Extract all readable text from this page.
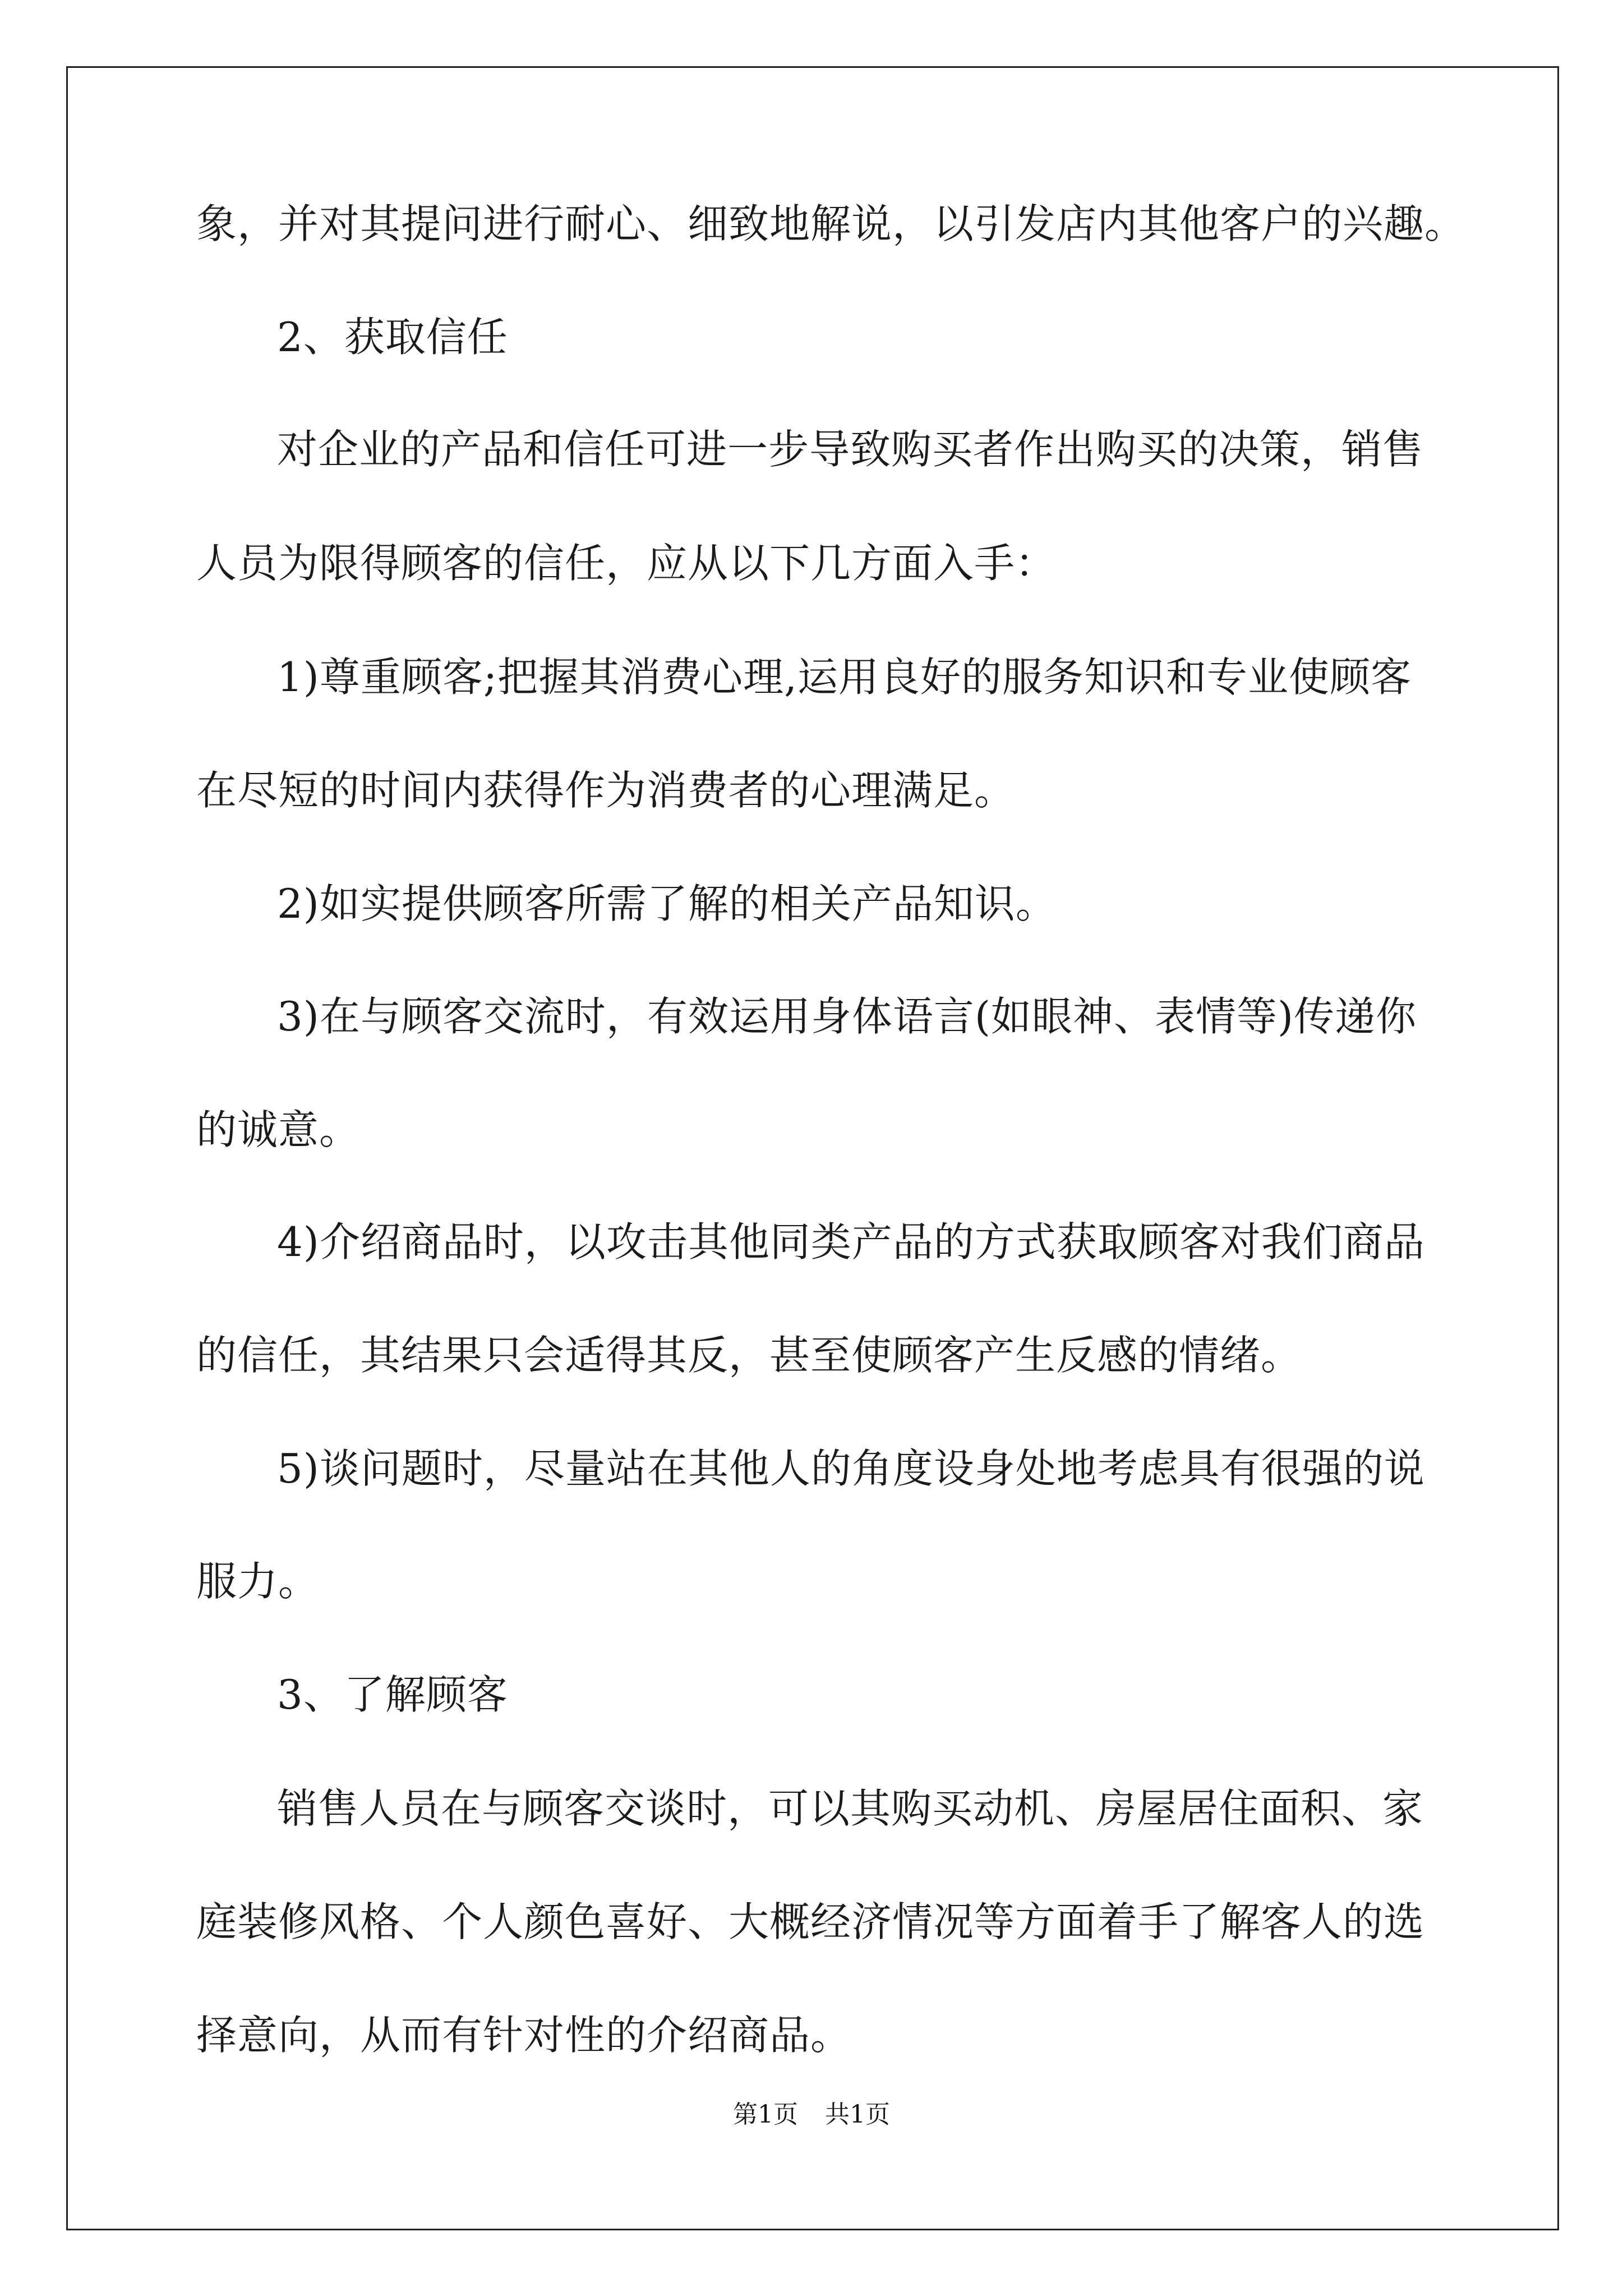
象，并对其提问进行耐心、细致地解说，以引发店内其他客户的兴趣。
2、获取信任
对企业的产品和信任可进一步导致购买者作出购买的决策，销售
人员为限得顾客的信任，应从以下几方面入手：
1)尊重顾客;把握其消费心理,运用良好的服务知识和专业使顾客
在尽短的时间内获得作为消费者的心理满足。
2)如实提供顾客所需了解的相关产品知识。
3)在与顾客交流时，有效运用身体语言(如眼神、表情等)传递你
的诚意。
4)介绍商品时，以攻击其他同类产品的方式获取顾客对我们商品
的信任，其结果只会适得其反，甚至使顾客产生反感的情绪。
5)谈问题时，尽量站在其他人的角度设身处地考虑具有很强的说
服力。
3、了解顾客
销售人员在与顾客交谈时，可以其购买动机、房屋居住面积、家
庭装修风格、个人颜色喜好、大概经济情况等方面着手了解客人的选
择意向，从而有针对性的介绍商品。
第1页 共1页
